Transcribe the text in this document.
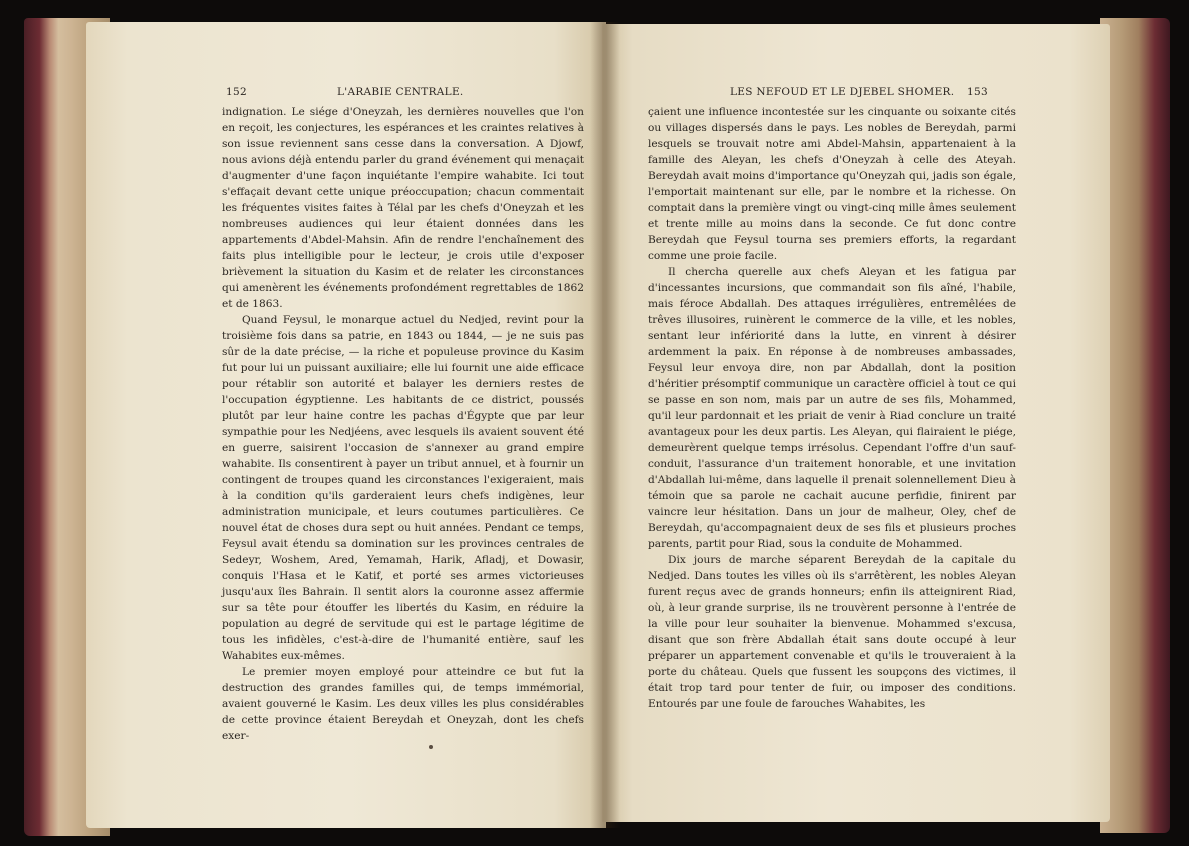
152	L'ARABIE CENTRALE.	LES NEFOUD ET LE DJEBEL SHOMER. 153

indignation. Le siége d'Oneyzah, les dernières nouvelles que l'on en reçoit, les conjectures, les espérances et les craintes relatives à son issue reviennent sans cesse dans la conversation. A Djowf, nous avions déjà entendu parler du grand événement qui menaçait d'augmenter d'une façon inquiétante l'empire wahabite. Ici tout s'effaçait devant cette unique préoccupation; chacun commentait les fréquentes visites faites à Télal par les chefs d'Oneyzah et les nombreuses audiences qui leur étaient données dans les appartements d'Abdel-Mahsin. Afin de rendre l'enchaînement des faits plus intelligible pour le lecteur, je crois utile d'exposer brièvement la situation du Kasim et de relater les circonstances qui amenèrent les événements profondément regrettables de 1862 et de 1863.

Quand Feysul, le monarque actuel du Nedjed, revint pour la troisième fois dans sa patrie, en 1843 ou 1844, — je ne suis pas sûr de la date précise, — la riche et populeuse province du Kasim fut pour lui un puissant auxiliaire; elle lui fournit une aide efficace pour rétablir son autorité et balayer les derniers restes de l'occupation égyptienne. Les habitants de ce district, poussés plutôt par leur haine contre les pachas d'Égypte que par leur sympathie pour les Nedjéens, avec lesquels ils avaient souvent été en guerre, saisirent l'occasion de s'annexer au grand empire wahabite. Ils consentirent à payer un tribut annuel, et à fournir un contingent de troupes quand les circonstances l'exigeraient, mais à la condition qu'ils garderaient leurs chefs indigènes, leur administration municipale, et leurs coutumes particulières. Ce nouvel état de choses dura sept ou huit années. Pendant ce temps, Feysul avait étendu sa domination sur les provinces centrales de Sedeyr, Woshem, Ared, Yemamah, Harik, Afladj, et Dowasir, conquis l'Hasa et le Katif, et porté ses armes victorieuses jusqu'aux îles Bahrain. Il sentit alors la couronne assez affermie sur sa tête pour étouffer les libertés du Kasim, en réduire la population au degré de servitude qui est le partage légitime de tous les infidèles, c'est-à-dire de l'humanité entière, sauf les Wahabites eux-mêmes.

Le premier moyen employé pour atteindre ce but fut la destruction des grandes familles qui, de temps immémorial, avaient gouverné le Kasim. Les deux villes les plus considérables de cette province étaient Bereydah et Oneyzah, dont les chefs exer-

çaient une influence incontestée sur les cinquante ou soixante cités ou villages dispersés dans le pays. Les nobles de Bereydah, parmi lesquels se trouvait notre ami Abdel-Mahsin, appartenaient à la famille des Aleyan, les chefs d'Oneyzah à celle des Ateyah. Bereydah avait moins d'importance qu'Oneyzah qui, jadis son égale, l'emportait maintenant sur elle, par le nombre et la richesse. On comptait dans la première vingt ou vingt-cinq mille âmes seulement et trente mille au moins dans la seconde. Ce fut donc contre Bereydah que Feysul tourna ses premiers efforts, la regardant comme une proie facile.

Il chercha querelle aux chefs Aleyan et les fatigua par d'incessantes incursions, que commandait son fils aîné, l'habile, mais féroce Abdallah. Des attaques irrégulières, entremêlées de trêves illusoires, ruinèrent le commerce de la ville, et les nobles, sentant leur infériorité dans la lutte, en vinrent à désirer ardemment la paix. En réponse à de nombreuses ambassades, Feysul leur envoya dire, non par Abdallah, dont la position d'héritier présomptif communique un caractère officiel à tout ce qui se passe en son nom, mais par un autre de ses fils, Mohammed, qu'il leur pardonnait et les priait de venir à Riad conclure un traité avantageux pour les deux partis. Les Aleyan, qui flairaient le piége, demeurèrent quelque temps irrésolus. Cependant l'offre d'un sauf-conduit, l'assurance d'un traitement honorable, et une invitation d'Abdallah lui-même, dans laquelle il prenait solennellement Dieu à témoin que sa parole ne cachait aucune perfidie, finirent par vaincre leur hésitation. Dans un jour de malheur, Oley, chef de Bereydah, qu'accompagnaient deux de ses fils et plusieurs proches parents, partit pour Riad, sous la conduite de Mohammed.

Dix jours de marche séparent Bereydah de la capitale du Nedjed. Dans toutes les villes où ils s'arrêtèrent, les nobles Aleyan furent reçus avec de grands honneurs; enfin ils atteignirent Riad, où, à leur grande surprise, ils ne trouvèrent personne à l'entrée de la ville pour leur souhaiter la bienvenue. Mohammed s'excusa, disant que son frère Abdallah était sans doute occupé à leur préparer un appartement convenable et qu'ils le trouveraient à la porte du château. Quels que fussent les soupçons des victimes, il était trop tard pour tenter de fuir, ou imposer des conditions. Entourés par une foule de farouches Wahabites, les
